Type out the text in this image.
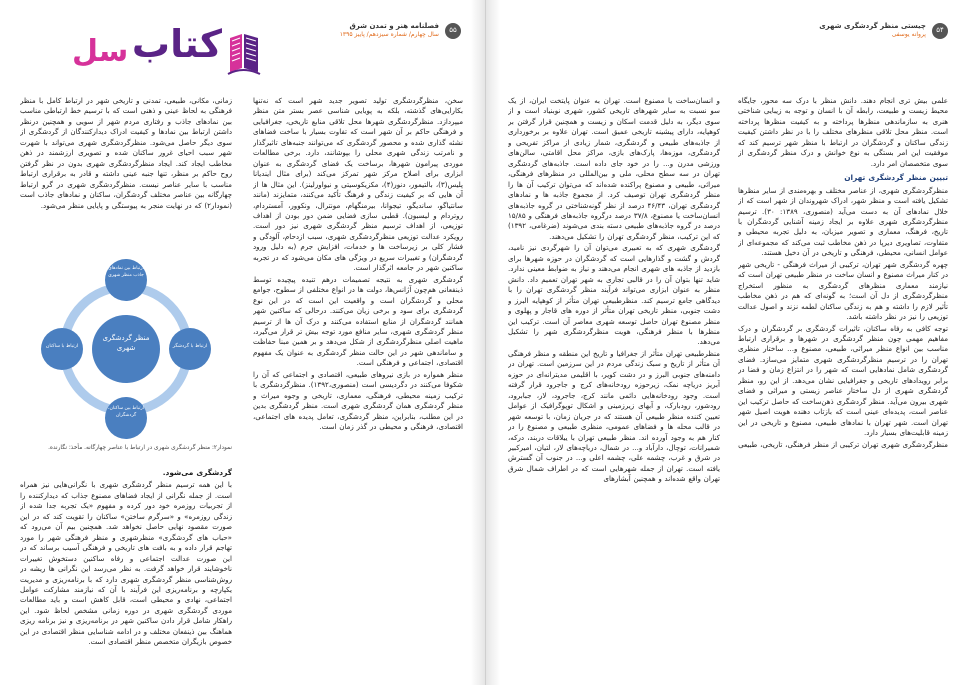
کتاب
سل
۵۵
فصلنامه هنر و تمدن شرق
سال چهارم/ شماره سیزدهم/ پاییز ۱۳۹۵

سخن، منظرگردشگری تولید تصویر جدید شهر است که نه‌تنها بکارایی‌های گذشته، بلکه به پویایی شناسی عصر بستر متن منظر میپردازد. منظرگردشگری شهرها محل تلاقی منابع تاریخی، جغرافیایی و فرهنگی حاکم بر آن شهر است که تفاوت بسیار با ساخت فضاهای نشئه گذاری شده و محصور گردشگری که می‌توانند جنبه‌های تاثیرگذار و نامرتب زندگی شهری محلی را بپوشانند، دارد. برخی مطالعات موردی پیرامون شهرها، برساخت یک فضای گردشگری به عنوان ابزاری برای اصلاح مرکز شهر تمرکز می‌کند (برای مثال ایندیانا پلیس(۳)، بالتیمور، دنور(۴)، مکزیکوسیتی و نیواورلینز). این مثال ها از آن هایی که بر کیفیت زندگی و فرهنگ تأکید می‌کنند، متمایزند (مانند سانتیاگو، سانديگو، تیجوانا، بیرمنگهام، مونترال، ونکوور، آمستردام، روتردام و لیسبون). قطبی سازی فضایی ضمن دور بودن از اهداف توزیعی، از اهداف ترسیم منظر گردشگری شهری نیز دور است. رویکرد عدالت توزیعی منظرگردشگری شهری، سبب ازدحام، آلودگی و فشار کلی بر زیرساخت ها و خدمات، افزایش جرم (به دلیل ورود گردشگران) و تغییرات سریع در ویژگی های مکان می‌شود که در تجربه ساکنین شهر در جامعه اثرگذار است.

گردشگری شهری به نتیجه تصمیمات درهم تنیده پیچیده توسط ذینفعانی هم‌چون آژانس‌ها، دولت ها در انواع مختلفی از سطوح، جوامع محلی و گردشگران است و واقعیت این است که در این نوع گردشگری برای سود و برخی زیان می‌کنند. درحالی که ساکنین شهر همانند گردشگران از منابع استفاده می‌کنند و درک آن ها از ترسیم منظر گردشگری شهری، سایر منافع مورد توجه بیش تر قرار می‌گیرد، ماهیت اصلی منظرگردشگری از شکل می‌دهد و بر همین مبنا حفاظت و ساماندهی شهر در این حالت منظر گردشگری به عنوان یک مفهوم اقتصادی، اجتماعی و فرهنگی است.

منظر همواره در بازی نیروهای طبیعی، اقتصادی و اجتماعی که آن را شکوفا می‌کنند در دگردیسی است (منصوری،۱۳۹۲). منظرگردشگری با ترکیب زمینه محیطی، فرهنگی، معماری، تاریخی و وجوه میراث و منظر گردشگری همان گردشگری شهری است. منظر گردشگری بدین در این مطلب، بنابراین، منظر گردشگری، تعامل پدیده های اجتماعی، اقتصادی، فرهنگی و محیطی در گذر زمان است.

زمانی، مکانی، طبیعی، تمدنی و تاریخی شهر در ارتباط کامل با منظر فرهنگی به لحاظ عینی و ذهنی است که با ترسیم خط ارتباطی مناسب بین نمادهای جاذب و رفتاری مردم شهر از سویی و همچنین درنظر داشتن ارتباط بین نمادها و کیفیت ادراک دیدارکنندگان از گردشگری از سوی دیگر حاصل می‌شود. منظرگردشگری شهری می‌تواند با شهرت شهر سبب احیای غرور ساکنان شده و تصویری ارزشمند در ذهن مخاطب ایجاد کند. ایجاد منظرگردشگری شهری بدون در نظر گرفتن روح حاکم بر منظر، تنها جنبه عینی داشته و قادر به برقراری ارتباط مناسب با سایر عناصر نیست. منظرگردشگری شهری در گرو ارتباط چهارگانه بین عناصر مختلف گردشگران، ساکنان و نمادهای جاذب است (نمودار۲) که در نهایت منجر به پیوستگی و پایایی منظر می‌شود.

منظر گردشگری شهری
ارتباط بین نمادهای جاذب منظر شهری
ارتباط با گردشگر
ارتباط با ساکنان
ارتباط بین ساکنان، گردشگران
نمودار۲: منظر گردشگری شهری در ارتباط با عناصر چهارگانه. مأخذ: نگارنده.
گردشگری می‌شود.

با این همه ترسیم منظر گردشگری شهری با نگرانی‌هایی نیز همراه است. از جمله نگرانی از ایجاد فضاهای مصنوع جذاب که دیدارکننده را از تجربیات روزمره خود دور کرده و مفهوم «یک تجربه جدا شده از زندگی روزمره» و «سرگرم ساختن» ساکنان را تقویت کند که در این صورت مقصود نهایی حاصل نخواهد شد. همچنین بیم آن می‌رود که «حباب های گردشگری» منظرشهری و منظر فرهنگی شهر را مورد تهاجم قرار داده و به بافت های تاریخی و فرهنگی آسیب برساند که در این صورت عدالت اجتماعی و رفاه ساکنین دستخوش تغییرات ناخوشایند قرار خواهد گرفت. به نظر می‌رسد این نگرانی ها ریشه در روش‌شناسی منظر گردشگری شهری دارد که با برنامه‌ریزی و مدیریت یکپارچه و برنامه‌ریزی این فرآیند با آن که نیازمند مشارکت عوامل اجتماعی، نهادی و محیطی است، قابل کاهش است و باید مطالعات موردی گردشگری شهری در دوره زمانی مشخص لحاظ شود. این راهکار شامل قرار دادن ساکنین شهر در برنامه‌ریزی و نیز برنامه ریزی هماهنگ بین ذینفعان مختلف و در ادامه شناسایی منظر اقتصادی در این خصوص بازیگران متخصص منظر اقتصادی است.

۵۴
چیستی منظر گردشگری شهری
پروانه یوسفی

علمی بیش تری انجام دهند. دانش منظر با درک سه محور، جایگاه محیط زیست و طبیعت، رابطه آن با انسان و توجه به زیبایی شناختی هنری به سازماندهی منظرها پرداخته و به کیفیت منظرها پرداخته است. منظر محل تلاقی منظرهای مختلف را با در نظر داشتن کیفیت زندگی ساکنان و گردشگران در ارتباط با منظر شهر ترسیم کند که موفقیت این امر بستگی به نوع خوانش و درک منظر گردشگری از سوی متخصصان امر دارد.

تبیین منظر گردشگری تهران

منظرگردشگری شهری، از عناصر مختلف و بهره‌مندی از سایر منظرها تشکیل یافته است و منظر شهر، ادراک شهروندان از شهر است که از خلال نمادهای آن به دست می‌آید (منصوری، ۱۳۸۹: ۳۰). ترسیم منظرگردشگری شهری علاوه بر ایجاد زمینه آشنایی گردشگران با تاریخ، فرهنگ، معماری و تصویر میزبان، به دلیل تجربه محیطی و متفاوت، تصاویری دیرپا در ذهن مخاطب ثبت می‌کند که مجموعه‌ای از عوامل انسانی، محیطی، فرهنگی و تاریخی در آن دخیل هستند.

چهره گردشگری شهر تهران، ترکیبی از میراث فرهنگی - تاریخی شهر در کنار میراث مصنوع و انسان ساخت در منظر طبیعی تهران است که نیازمند معماری منظرهای گردشگری به منظور استخراج منظرگردشگری از دل آن است؛ به گونه‌ای که هم در ذهن مخاطب تأثیر لازم را داشته و هم به زندگی ساکنان لطمه نزند و اصول عدالت توزیعی را نیز در نظر داشته باشد.

توجه کافی به رفاه ساکنان، تاثیرات گردشگری بر گردشگران و درک مفاهیم مهمی چون منظر گردشگری در شهرها و برقراری ارتباط مناسب بین انواع منظر میراثی، طبیعی، مصنوع و... ساختار منظری تهران را در ترسیم منظرگردشگری شهری متمایز می‌سازد. فضای گردشگری شامل نمادهایی است که شهر را در انتزاع زمان و فضا در برابر رویدادهای تاریخی و جغرافیایی نشان می‌دهد. از این رو، منظر گردشگری شهری از دل ساختار عناصر زیستی و میراثی و فضای شهری بیرون می‌آید. منظر گردشگری ذهن‌ساخت که حاصل ترکیب این عناصر است، پدیده‌ای عینی است که بازتاب دهنده هویت اصیل شهر تهران است. شهر تهران با نمادهای طبیعی، مصنوع و تاریخی در این زمینه قابلیت‌های بسیار دارد.

منظرگردشگری شهری تهران ترکیبی از منظر فرهنگی، تاریخی، طبیعی

و انسان‌ساخت یا مصنوع است. تهران به عنوان پایتخت ایران، از یک سو نسبت به سایر شهرهای تاریخی کشور، شهری نوبنیاد است و از سوی دیگر، به دلیل قدمت اسکان و زیست و همچنین قرار گرفتن بر کوهپایه، دارای پیشینه تاریخی عمیق است. تهران علاوه بر برخورداری از جاذبه‌های طبیعی و گردشگری، شمار زیادی از مراکز تفریحی و گردشگری، موزه‌ها، پارک‌های بازی، مراکز محل اقامتی، سالن‌های ورزشی مدرن و... را در خود جای داده است. جاذبه‌های گردشگری تهران در سه سطح محلی، ملی و بین‌المللی در منظرهای فرهنگی، میراثی، طبیعی و مصنوع پراکنده شده‌اند که می‌توان ترکیب آن ها را منظر گردشگری تهران توصیف کرد. از مجموع جاذبه ها و نمادهای گردشگری تهران، ۴۶/۴۳ درصد از نظر گونه‌شناختی در گروه جاذبه‌های انسان‌ساخت یا مصنوع، ۳۷/۸ درصد درگروه جاذبه‌های فرهنگی و ۱۵/۸۵ درصد در گروه جاذبه‌های طبیعی دسته بندی می‌شوند (ضرغامی، ۱۳۹۲) که این ترکیب، منظر گردشگری تهران را تشکیل می‌دهند.

گردشگری شهری که به تعبیری می‌توان آن را شهرگردی نیز نامید، گردش و گشت و گذارهایی است که گردشگران در حوزه شهرها برای بازدید از جاذبه های شهری انجام می‌دهند و نیاز به ضوابط معینی ندارد. شاید تنها بتوان آن را در قالبی تجاری به شهر تهران تعمیم داد. دانش منظر به عنوان ابزاری می‌تواند فرآیند منظر گردشگری تهران را با دیدگاهی جامع ترسیم کند. منظرطبیعی تهران متأثر از کوهپایه البرز و دشت جنوبی، منظر تاریخی تهران متأثر از دوره های قاجار و پهلوی و منظر مصنوع تهران حاصل توسعه شهری معاصر آن است. ترکیب این منظرها با منظر فرهنگی، هویت منظرگردشگری شهر را تشکیل می‌دهد.

منظرطبیعی تهران متأثر از جغرافیا و تاریخ این منطقه و منظر فرهنگی آن متأثر از تاریخ و سبک زندگی مردم در این سرزمین است. تهران در دامنه‌های جنوبی البرز و در دشت کویر، با اقلیمی مدیترانه‌ای در حوزه آبریز دریاچه نمک، زیرحوزه رودخانه‌های کرج و جاجرود قرار گرفته است. وجود رودخانه‌هایی دائمی مانند کرج، جاجرود، لار، جبابرود، رودشور، رودبارک، و آبهای زیرزمینی و اشکال توپوگرافیک از عوامل تعیین کننده منظر طبیعی آن هستند که در جریان زمان، با توسعه شهر در قالب محله ها و فضاهای عمومی، منظری طبیعی و مصنوع را در کنار هم به وجود آورده اند. منظر طبیعی تهران با ییلاقات دربند، درکه، شمیرانات، توچال، دارآباد و... در شمال، دریاچه‌های لار، لتیان، امیرکبیر در شرق و غرب، چشمه علی، چشمه اعلی و... در جنوب آن گسترش یافته است. تهران از جمله شهرهایی است که در اطراف شمال شرق تهران واقع شده‌اند و همچنین آبشارهای
